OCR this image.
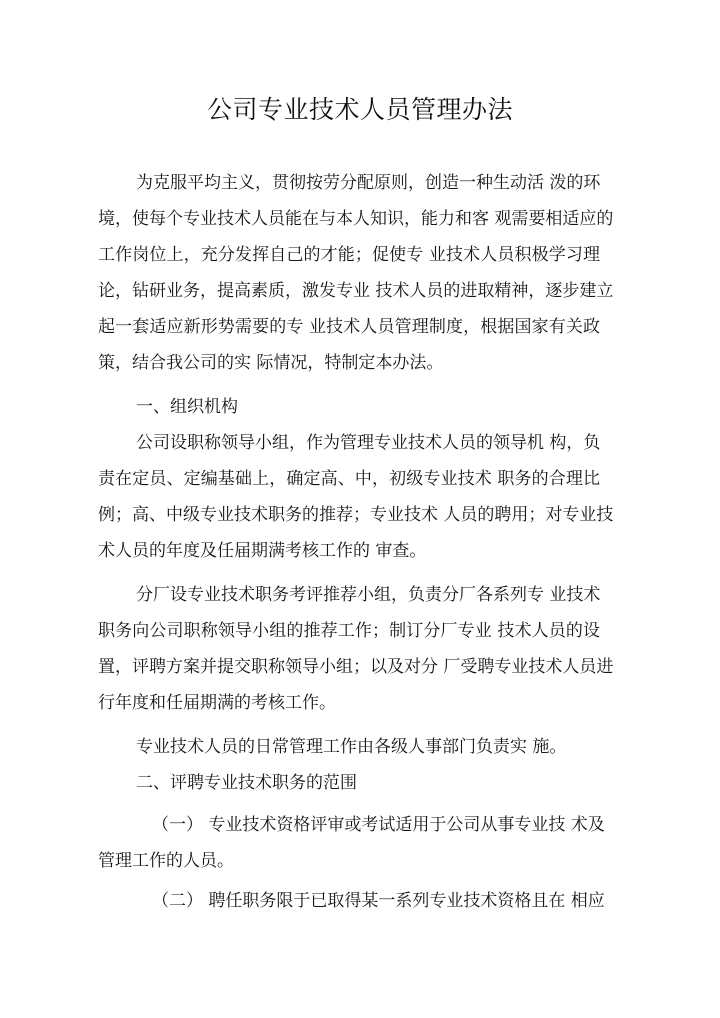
公司专业技术人员管理办法
为克服平均主义，贯彻按劳分配原则，创造一种生动活 泼的环
境，使每个专业技术人员能在与本人知识，能力和客 观需要相适应的
工作岗位上，充分发挥自己的才能；促使专 业技术人员积极学习理
论，钻研业务，提高素质，激发专业 技术人员的进取精神，逐步建立
起一套适应新形势需要的专 业技术人员管理制度，根据国家有关政
策，结合我公司的实 际情况，特制定本办法。
一、组织机构
公司设职称领导小组，作为管理专业技术人员的领导机 构，负
责在定员、定编基础上，确定高、中，初级专业技术 职务的合理比
例；高、中级专业技术职务的推荐；专业技术 人员的聘用；对专业技
术人员的年度及任届期满考核工作的 审查。
分厂设专业技术职务考评推荐小组，负责分厂各系列专 业技术
职务向公司职称领导小组的推荐工作；制订分厂专业 技术人员的设
置，评聘方案并提交职称领导小组；以及对分 厂受聘专业技术人员进
行年度和任届期满的考核工作。
专业技术人员的日常管理工作由各级人事部门负责实 施。
二、评聘专业技术职务的范围
（一） 专业技术资格评审或考试适用于公司从事专业技 术及
管理工作的人员。
（二） 聘任职务限于已取得某一系列专业技术资格且在 相应
